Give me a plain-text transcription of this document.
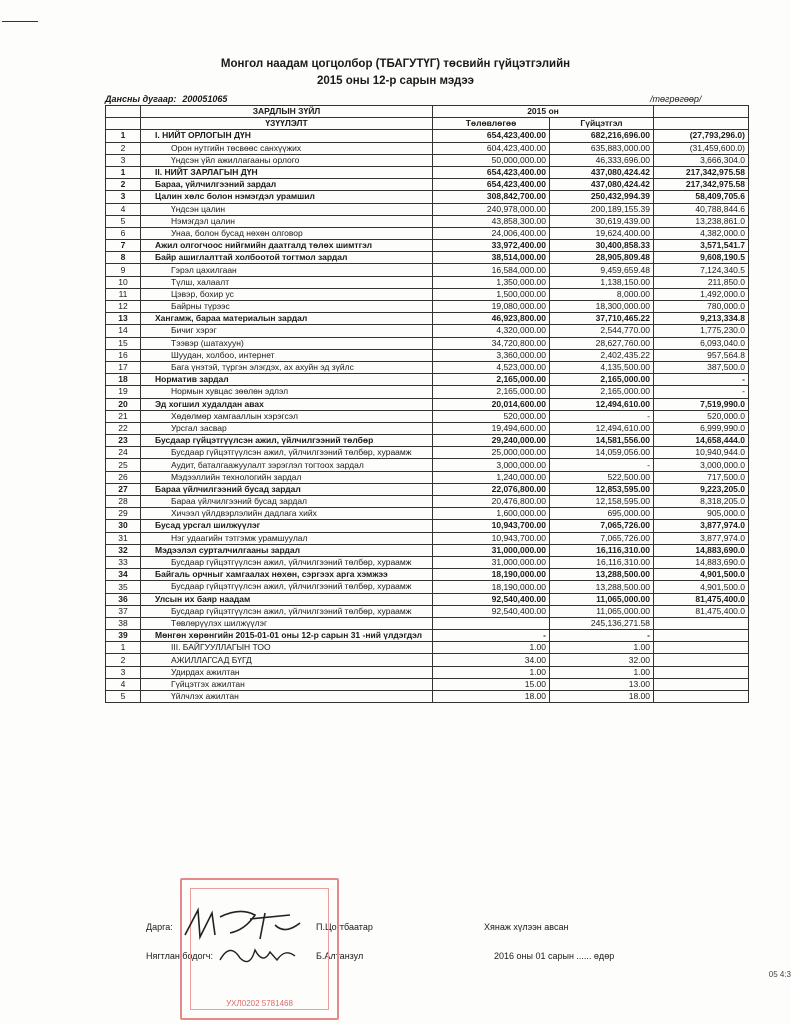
Монгол наадам цогцолбор (ТБАГУТҮГ) төсвийн гүйцэтгэлийн
2015 оны 12-р сарын мэдээ
Дансны дугаар: 200051065	/төгрөгөөр/
	ЗАРДЛЫН ЗҮЙЛ	2015 он		
	ҮЗҮҮЛЭЛТ	Төлөвлөгөө	Гүйцэтгэл	
1	I. НИЙТ ОРЛОГЫН ДҮН	654,423,400.00	682,216,696.00	(27,793,296.0)
2	Орон нутгийн төсвөөс санхүүжих	604,423,400.00	635,883,000.00	(31,459,600.0)
3	Үндсэн үйл ажиллагааны орлого	50,000,000.00	46,333,696.00	3,666,304.0
1	II. НИЙТ ЗАРЛАГЫН ДҮН	654,423,400.00	437,080,424.42	217,342,975.58
2	Бараа, үйлчилгээний зардал	654,423,400.00	437,080,424.42	217,342,975.58
3	Цалин хөлс болон нэмэгдэл урамшил	308,842,700.00	250,432,994.39	58,409,705.6
4	Үндсэн цалин	240,978,000.00	200,189,155.39	40,788,844.6
5	Нэмэгдэл цалин	43,858,300.00	30,619,439.00	13,238,861.0
6	Унаа, болон бусад нөхөн олговор	24,006,400.00	19,624,400.00	4,382,000.0
7	Ажил олгогчоос нийгмийн даатгалд төлөх шимтгэл	33,972,400.00	30,400,858.33	3,571,541.7
8	Байр ашиглалттай холбоотой тогтмол зардал	38,514,000.00	28,905,809.48	9,608,190.5
9	Гэрэл цахилгаан	16,584,000.00	9,459,659.48	7,124,340.5
10	Түлш, халаалт	1,350,000.00	1,138,150.00	211,850.0
11	Цэвэр, бохир ус	1,500,000.00	8,000.00	1,492,000.0
12	Байрны түрээс	19,080,000.00	18,300,000.00	780,000.0
13	Хангамж, бараа материалын зардал	46,923,800.00	37,710,465.22	9,213,334.8
14	Бичиг хэрэг	4,320,000.00	2,544,770.00	1,775,230.0
15	Тээвэр (шатахуун)	34,720,800.00	28,627,760.00	6,093,040.0
16	Шуудан, холбоо, интернет	3,360,000.00	2,402,435.22	957,564.8
17	Бага үнэтэй, түргэн элэгдэх, ах ахуйн эд зүйлс	4,523,000.00	4,135,500.00	387,500.0
18	Норматив зардал	2,165,000.00	2,165,000.00	-
19	Нормын хувцас зөөлөн эдлэл	2,165,000.00	2,165,000.00	-
20	Эд хогшил худалдан авах	20,014,600.00	12,494,610.00	7,519,990.0
21	Хөдөлмөр хамгааллын хэрэгсэл	520,000.00	-	520,000.0
22	Урсгал засвар	19,494,600.00	12,494,610.00	6,999,990.0
23	Бусдаар гүйцэтгүүлсэн ажил, үйлчилгээний төлбөр	29,240,000.00	14,581,556.00	14,658,444.0
24	Бусдаар гүйцэтгүүлсэн ажил, үйлчилгээний төлбөр, хураамж	25,000,000.00	14,059,056.00	10,940,944.0
25	Аудит, баталгаажуулалт зэрэглэл тогтоох зардал	3,000,000.00	-	3,000,000.0
26	Мэдээллийн технологийн зардал	1,240,000.00	522,500.00	717,500.0
27	Бараа үйлчилгээний бусад зардал	22,076,800.00	12,853,595.00	9,223,205.0
28	Бараа үйлчилгээний бусад зардал	20,476,800.00	12,158,595.00	8,318,205.0
29	Хичээл үйлдвэрлэлийн дадлага хийх	1,600,000.00	695,000.00	905,000.0
30	Бусад урсгал шилжүүлэг	10,943,700.00	7,065,726.00	3,877,974.0
31	Нэг удаагийн тэтгэмж урамшуулал	10,943,700.00	7,065,726.00	3,877,974.0
32	Мэдээлэл сурталчилгааны зардал	31,000,000.00	16,116,310.00	14,883,690.0
33	Бусдаар гүйцэтгүүлсэн ажил, үйлчилгээний төлбөр, хураамж	31,000,000.00	16,116,310.00	14,883,690.0
34	Байгаль орчныг хамгаалах нөхөн, сэргээх арга хэмжээ	18,190,000.00	13,288,500.00	4,901,500.0
35	Бусдаар гүйцэтгүүлсэн ажил, үйлчилгээний төлбөр, хураамж	18,190,000.00	13,288,500.00	4,901,500.0
36	Улсын их баяр наадам	92,540,400.00	11,065,000.00	81,475,400.0
37	Бусдаар гүйцэтгүүлсэн ажил, үйлчилгээний төлбөр, хураамж	92,540,400.00	11,065,000.00	81,475,400.0
38	Төвлөрүүлэх шилжүүлэг		245,136,271.58	
39	Мөнгөн хөрөнгийн 2015-01-01 оны 12-р сарын 31 -ний үлдэгдэл	-	-	
1	III. БАЙГУУЛЛАГЫН ТОО	1.00	1.00	
2	АЖИЛЛАГСАД БҮГД	34.00	32.00	
3	Удирдах ажилтан	1.00	1.00	
4	Гүйцэтгэх ажилтан	15.00	13.00	
5	Үйлчлэх ажилтан	18.00	18.00	
Дарга:	П.Цогтбаатар	Хянаж хүлээн авсан
Нягтлан бодогч:	Б.Алтанзул	2016 оны 01 сарын ...... өдөр
УХЛ0202 5781468
05 4:3
